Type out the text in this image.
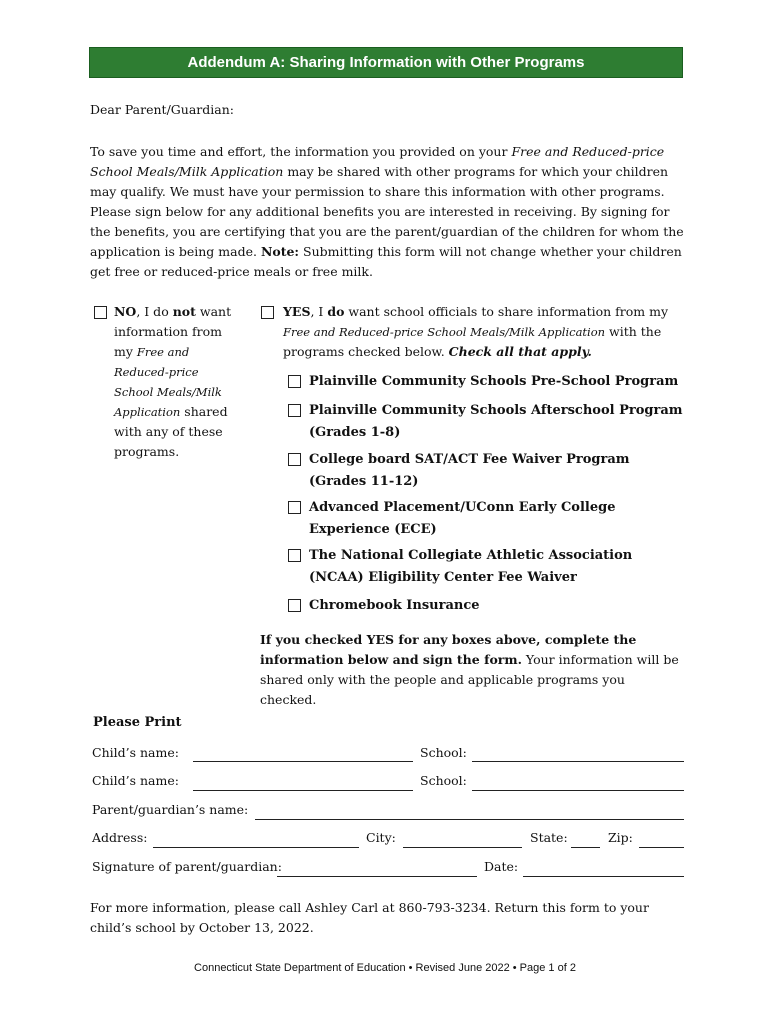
Addendum A: Sharing Information with Other Programs
Dear Parent/Guardian:
To save you time and effort, the information you provided on your Free and Reduced-price School Meals/Milk Application may be shared with other programs for which your children may qualify. We must have your permission to share this information with other programs. Please sign below for any additional benefits you are interested in receiving. By signing for the benefits, you are certifying that you are the parent/guardian of the children for whom the application is being made. Note: Submitting this form will not change whether your children get free or reduced-price meals or free milk.
NO, I do not want information from my Free and Reduced-price School Meals/Milk Application shared with any of these programs.
YES, I do want school officials to share information from my Free and Reduced-price School Meals/Milk Application with the programs checked below. Check all that apply.
Plainville Community Schools Pre-School Program
Plainville Community Schools Afterschool Program (Grades 1-8)
College board SAT/ACT Fee Waiver Program (Grades 11-12)
Advanced Placement/UConn Early College Experience (ECE)
The National Collegiate Athletic Association (NCAA) Eligibility Center Fee Waiver
Chromebook Insurance
If you checked YES for any boxes above, complete the information below and sign the form. Your information will be shared only with the people and applicable programs you checked.
Please Print
Child’s name:	School:
Child’s name:	School:
Parent/guardian’s name:
Address:	City:	State:	Zip:
Signature of parent/guardian:	Date:
For more information, please call Ashley Carl at 860-793-3234. Return this form to your child’s school by October 13, 2022.
Connecticut State Department of Education • Revised June 2022 • Page 1 of 2
